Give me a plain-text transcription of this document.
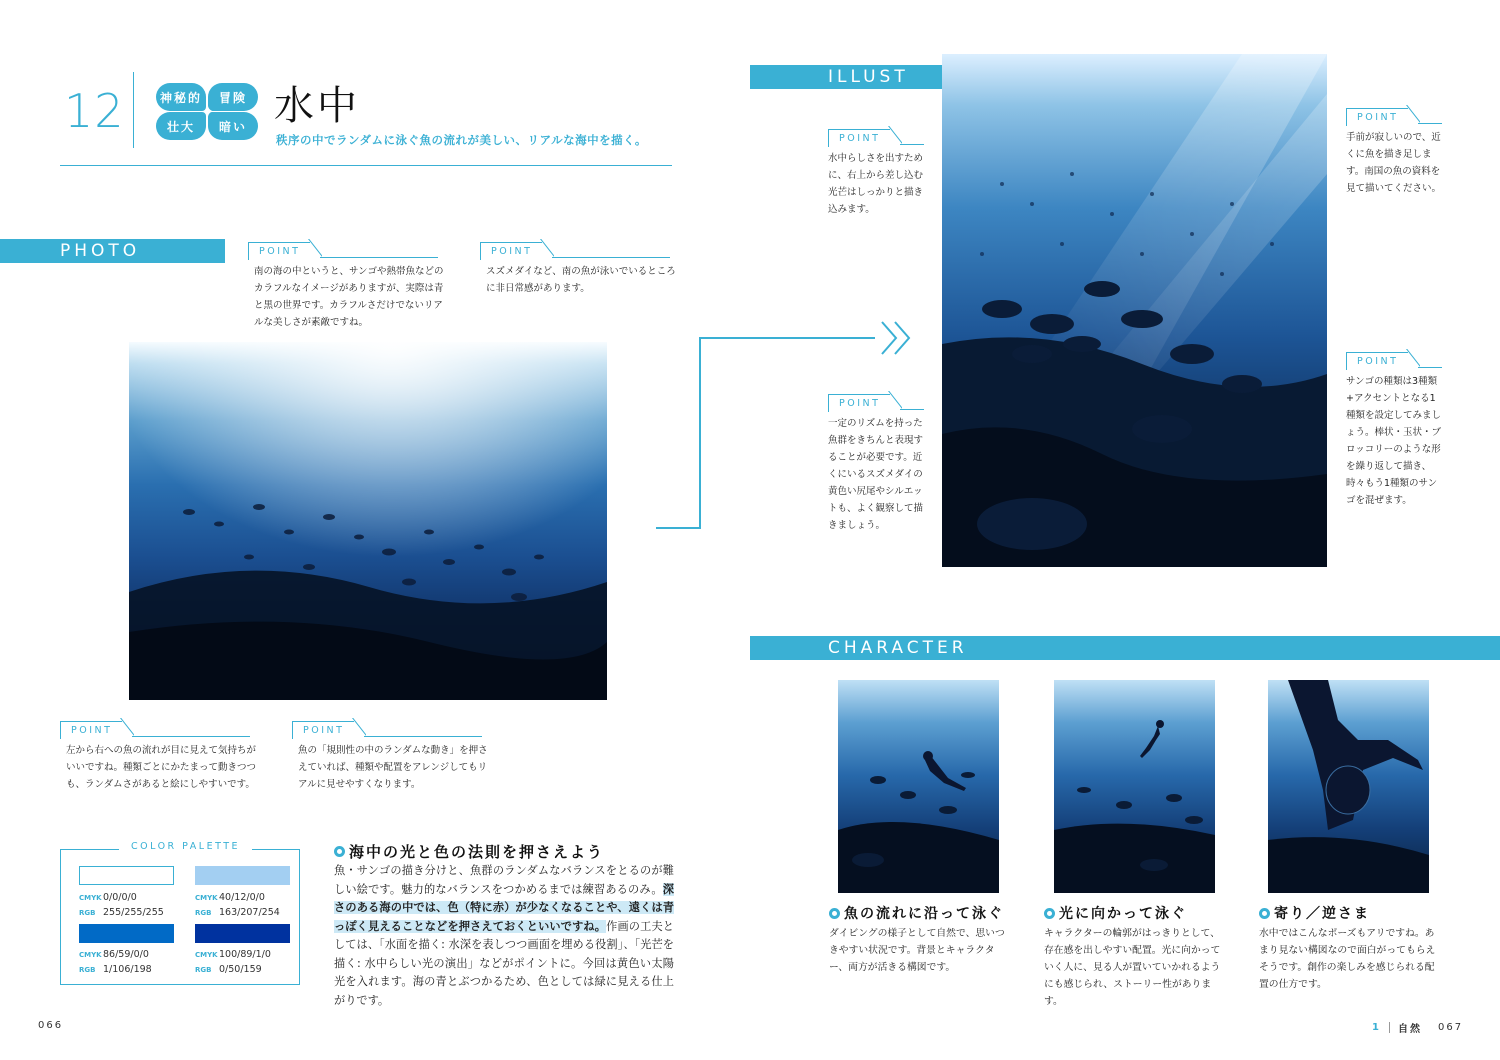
12	神秘的	冒険
壮大	暗い
✦ 水中
秩序の中でランダムに泳ぐ魚の流れが美しい、リアルな海中を描く。
PHOTO	POINT
南の海の中というと、サンゴや熱帯魚などのカラフルなイメージがありますが、実際は青と黒の世界です。カラフルさだけでないリアルな美しさが素敵ですね。
POINT
スズメダイなど、南の魚が泳いでいるところに非日常感があります。
POINT
左から右への魚の流れが目に見えて気持ちがいいですね。種類ごとにかたまって動きつつも、ランダムさがあると絵にしやすいです。
POINT
魚の「規則性の中のランダムな動き」を押さえていれば、種類や配置をアレンジしてもリアルに見せやすくなります。
COLOR PALETTE
CMYK0/0/0/0
RGB 255/255/255
CMYK40/12/0/0
RGB 163/207/254
CMYK86/59/0/0
RGB 1/106/198
CMYK100/89/1/0
RGB 0/50/159
海中の光と色の法則を押さえよう
魚・サンゴの描き分けと、魚群のランダムなバランスをとるのが難しい絵です。魅力的なバランスをつかめるまでは練習あるのみ。深さのある海の中では、色（特に赤）が少なくなることや、遠くは青っぽく見えることなどを押さえておくといいですね。作画の工夫としては、「水面を描く: 水深を表しつつ画面を埋める役割」、「光芒を描く: 水中らしい光の演出」などがポイントに。今回は黄色い太陽光を入れます。海の青とぶつかるため、色としては緑に見える仕上がりです。
ILLUST
POINT
水中らしさを出すために、右上から差し込む光芒はしっかりと描き込みます。
POINT
一定のリズムを持った魚群をきちんと表現することが必要です。近くにいるスズメダイの黄色い尻尾やシルエットも、よく観察して描きましょう。
POINT
手前が寂しいので、近くに魚を描き足します。南国の魚の資料を見て描いてください。
POINT
サンゴの種類は3種類+アクセントとなる1種類を設定してみましょう。棒状・玉状・ブロッコリーのような形を繰り返して描き、時々もう1種類のサンゴを混ぜます。
CHARACTER
魚の流れに沿って泳ぐ
ダイビングの様子として自然で、思いつきやすい状況です。背景とキャラクター、両方が活きる構図です。
光に向かって泳ぐ
キャラクターの輪郭がはっきりとして、存在感を出しやすい配置。光に向かっていく人に、見る人が置いていかれるようにも感じられ、ストーリー性があります。
寄り／逆さま
水中ではこんなポーズもアリですね。あまり見ない構図なので面白がってもらえそうです。創作の楽しみを感じられる配置の仕方です。
066	1 自然 067
